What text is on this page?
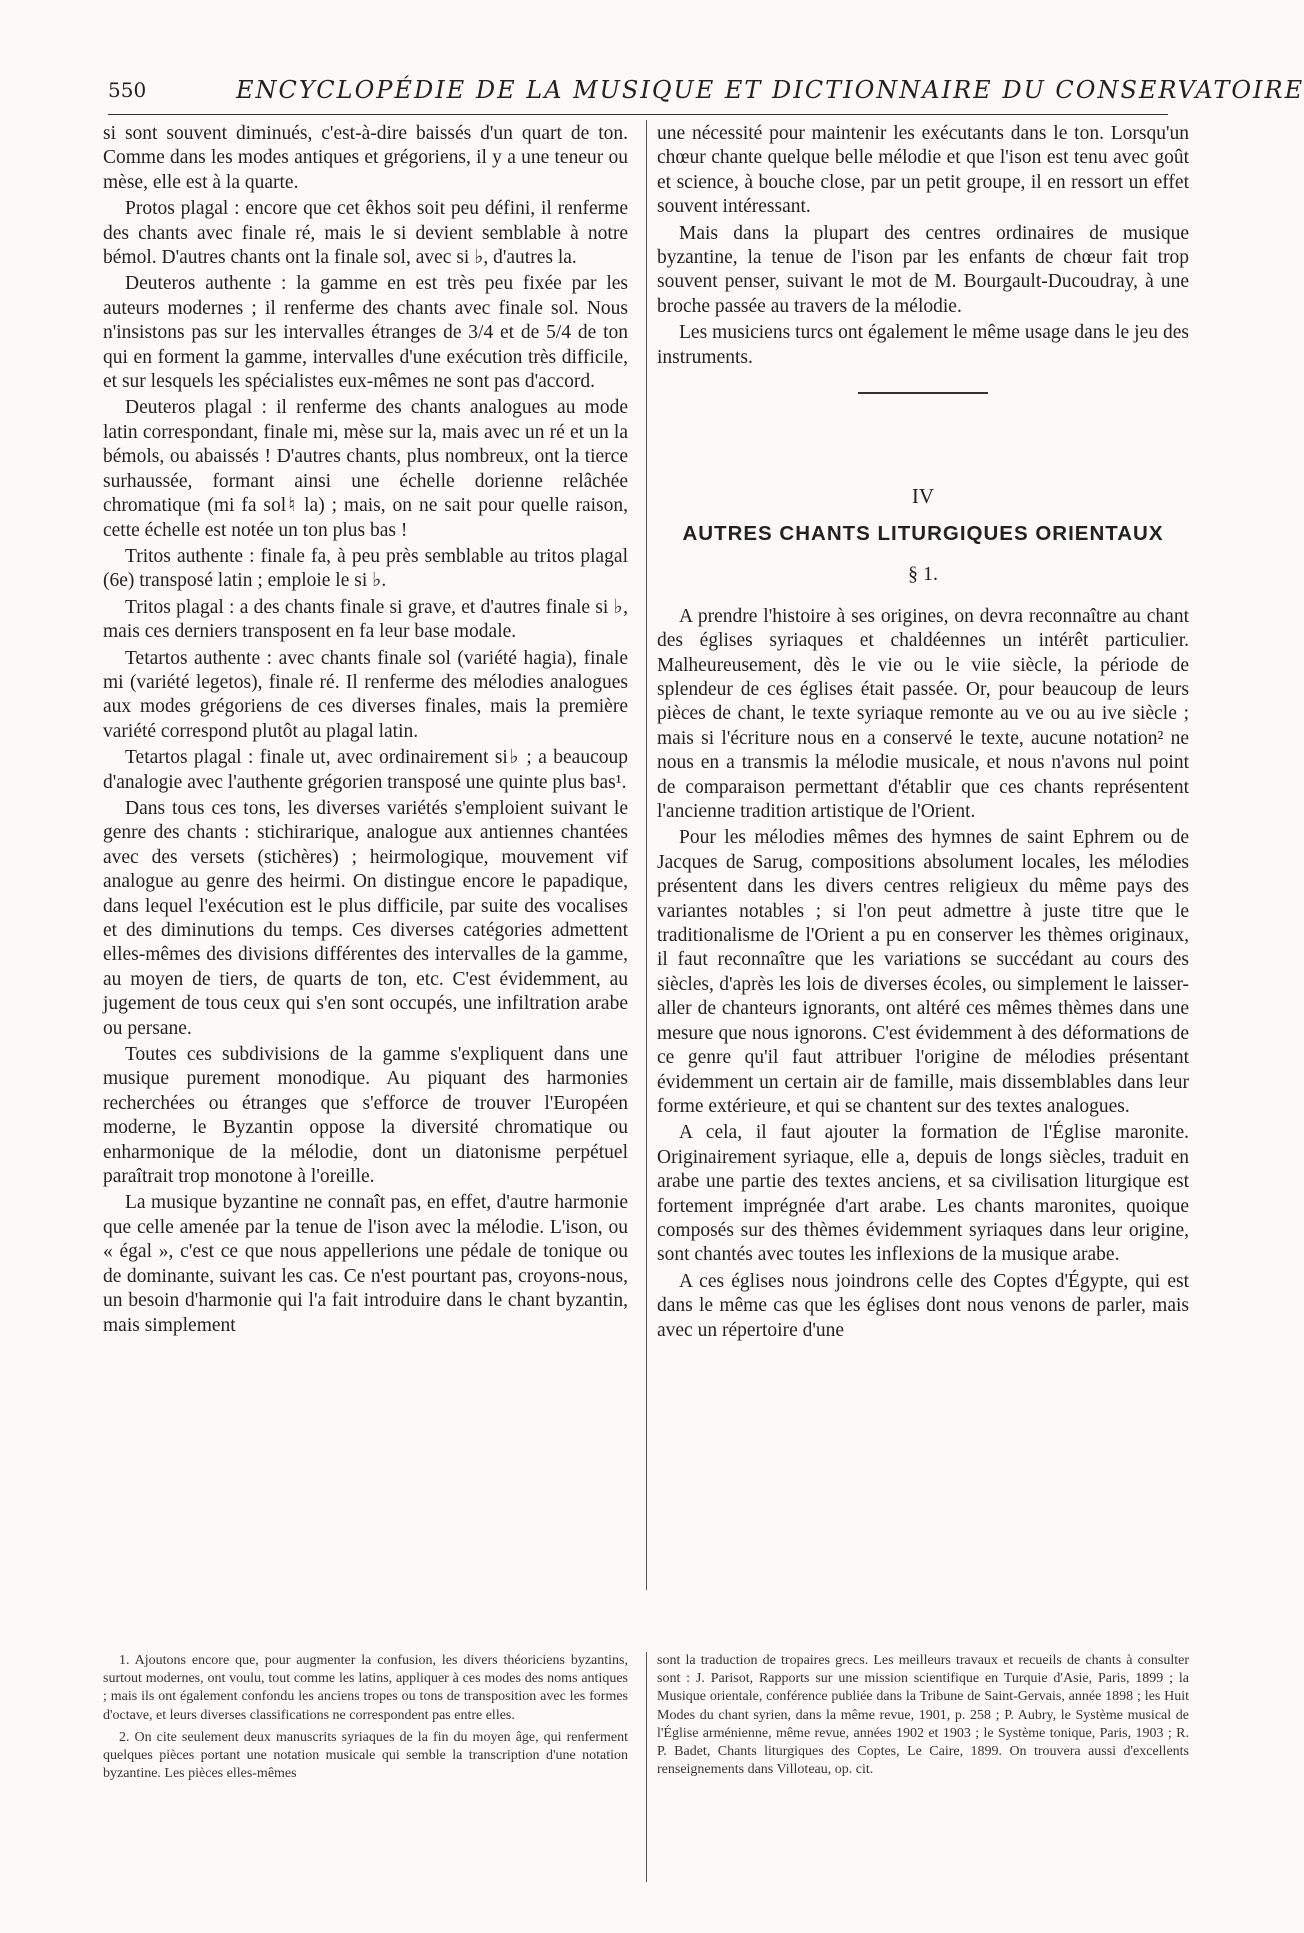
550	ENCYCLOPÉDIE DE LA MUSIQUE ET DICTIONNAIRE DU CONSERVATOIRE

si sont souvent diminués, c'est-à-dire baissés d'un quart de ton. Comme dans les modes antiques et grégoriens, il y a une teneur ou mèse, elle est à la quarte.

Protos plagal : encore que cet êkhos soit peu défini, il renferme des chants avec finale ré, mais le si devient semblable à notre bémol. D'autres chants ont la finale sol, avec si ♭, d'autres la.

Deuteros authente : la gamme en est très peu fixée par les auteurs modernes ; il renferme des chants avec finale sol. Nous n'insistons pas sur les intervalles étranges de 3/4 et de 5/4 de ton qui en forment la gamme, intervalles d'une exécution très difficile, et sur lesquels les spécialistes eux-mêmes ne sont pas d'accord.

Deuteros plagal : il renferme des chants analogues au mode latin correspondant, finale mi, mèse sur la, mais avec un ré et un la bémols, ou abaissés ! D'autres chants, plus nombreux, ont la tierce surhaussée, formant ainsi une échelle dorienne relâchée chromatique (mi fa sol♮ la) ; mais, on ne sait pour quelle raison, cette échelle est notée un ton plus bas !

Tritos authente : finale fa, à peu près semblable au tritos plagal (6e) transposé latin ; emploie le si ♭.

Tritos plagal : a des chants finale si grave, et d'autres finale si ♭, mais ces derniers transposent en fa leur base modale.

Tetartos authente : avec chants finale sol (variété hagia), finale mi (variété legetos), finale ré. Il renferme des mélodies analogues aux modes grégoriens de ces diverses finales, mais la première variété correspond plutôt au plagal latin.

Tetartos plagal : finale ut, avec ordinairement si♭ ; a beaucoup d'analogie avec l'authente grégorien transposé une quinte plus bas¹.

Dans tous ces tons, les diverses variétés s'emploient suivant le genre des chants : stichirarique, analogue aux antiennes chantées avec des versets (stichères) ; heirmologique, mouvement vif analogue au genre des heirmi. On distingue encore le papadique, dans lequel l'exécution est le plus difficile, par suite des vocalises et des diminutions du temps. Ces diverses catégories admettent elles-mêmes des divisions différentes des intervalles de la gamme, au moyen de tiers, de quarts de ton, etc. C'est évidemment, au jugement de tous ceux qui s'en sont occupés, une infiltration arabe ou persane.

Toutes ces subdivisions de la gamme s'expliquent dans une musique purement monodique. Au piquant des harmonies recherchées ou étranges que s'efforce de trouver l'Européen moderne, le Byzantin oppose la diversité chromatique ou enharmonique de la mélodie, dont un diatonisme perpétuel paraîtrait trop monotone à l'oreille.

La musique byzantine ne connaît pas, en effet, d'autre harmonie que celle amenée par la tenue de l'ison avec la mélodie. L'ison, ou « égal », c'est ce que nous appellerions une pédale de tonique ou de dominante, suivant les cas. Ce n'est pourtant pas, croyons-nous, un besoin d'harmonie qui l'a fait introduire dans le chant byzantin, mais simplement

une nécessité pour maintenir les exécutants dans le ton. Lorsqu'un chœur chante quelque belle mélodie et que l'ison est tenu avec goût et science, à bouche close, par un petit groupe, il en ressort un effet souvent intéressant.

Mais dans la plupart des centres ordinaires de musique byzantine, la tenue de l'ison par les enfants de chœur fait trop souvent penser, suivant le mot de M. Bourgault-Ducoudray, à une broche passée au travers de la mélodie.

Les musiciens turcs ont également le même usage dans le jeu des instruments.

IV
AUTRES CHANTS LITURGIQUES ORIENTAUX
§ 1.

A prendre l'histoire à ses origines, on devra reconnaître au chant des églises syriaques et chaldéennes un intérêt particulier. Malheureusement, dès le vie ou le viie siècle, la période de splendeur de ces églises était passée. Or, pour beaucoup de leurs pièces de chant, le texte syriaque remonte au ve ou au ive siècle ; mais si l'écriture nous en a conservé le texte, aucune notation² ne nous en a transmis la mélodie musicale, et nous n'avons nul point de comparaison permettant d'établir que ces chants représentent l'ancienne tradition artistique de l'Orient.

Pour les mélodies mêmes des hymnes de saint Ephrem ou de Jacques de Sarug, compositions absolument locales, les mélodies présentent dans les divers centres religieux du même pays des variantes notables ; si l'on peut admettre à juste titre que le traditionalisme de l'Orient a pu en conserver les thèmes originaux, il faut reconnaître que les variations se succédant au cours des siècles, d'après les lois de diverses écoles, ou simplement le laisser-aller de chanteurs ignorants, ont altéré ces mêmes thèmes dans une mesure que nous ignorons. C'est évidemment à des déformations de ce genre qu'il faut attribuer l'origine de mélodies présentant évidemment un certain air de famille, mais dissemblables dans leur forme extérieure, et qui se chantent sur des textes analogues.

A cela, il faut ajouter la formation de l'Église maronite. Originairement syriaque, elle a, depuis de longs siècles, traduit en arabe une partie des textes anciens, et sa civilisation liturgique est fortement imprégnée d'art arabe. Les chants maronites, quoique composés sur des thèmes évidemment syriaques dans leur origine, sont chantés avec toutes les inflexions de la musique arabe.

A ces églises nous joindrons celle des Coptes d'Égypte, qui est dans le même cas que les églises dont nous venons de parler, mais avec un répertoire d'une

1. Ajoutons encore que, pour augmenter la confusion, les divers théoriciens byzantins, surtout modernes, ont voulu, tout comme les latins, appliquer à ces modes des noms antiques ; mais ils ont également confondu les anciens tropes ou tons de transposition avec les formes d'octave, et leurs diverses classifications ne correspondent pas entre elles.

2. On cite seulement deux manuscrits syriaques de la fin du moyen âge, qui renferment quelques pièces portant une notation musicale qui semble la transcription d'une notation byzantine. Les pièces elles-mêmes

sont la traduction de tropaires grecs. Les meilleurs travaux et recueils de chants à consulter sont : J. Parisot, Rapports sur une mission scientifique en Turquie d'Asie, Paris, 1899 ; la Musique orientale, conférence publiée dans la Tribune de Saint-Gervais, année 1898 ; les Huit Modes du chant syrien, dans la même revue, 1901, p. 258 ; P. Aubry, le Système musical de l'Église arménienne, même revue, années 1902 et 1903 ; le Système tonique, Paris, 1903 ; R. P. Badet, Chants liturgiques des Coptes, Le Caire, 1899. On trouvera aussi d'excellents renseignements dans Villoteau, op. cit.
